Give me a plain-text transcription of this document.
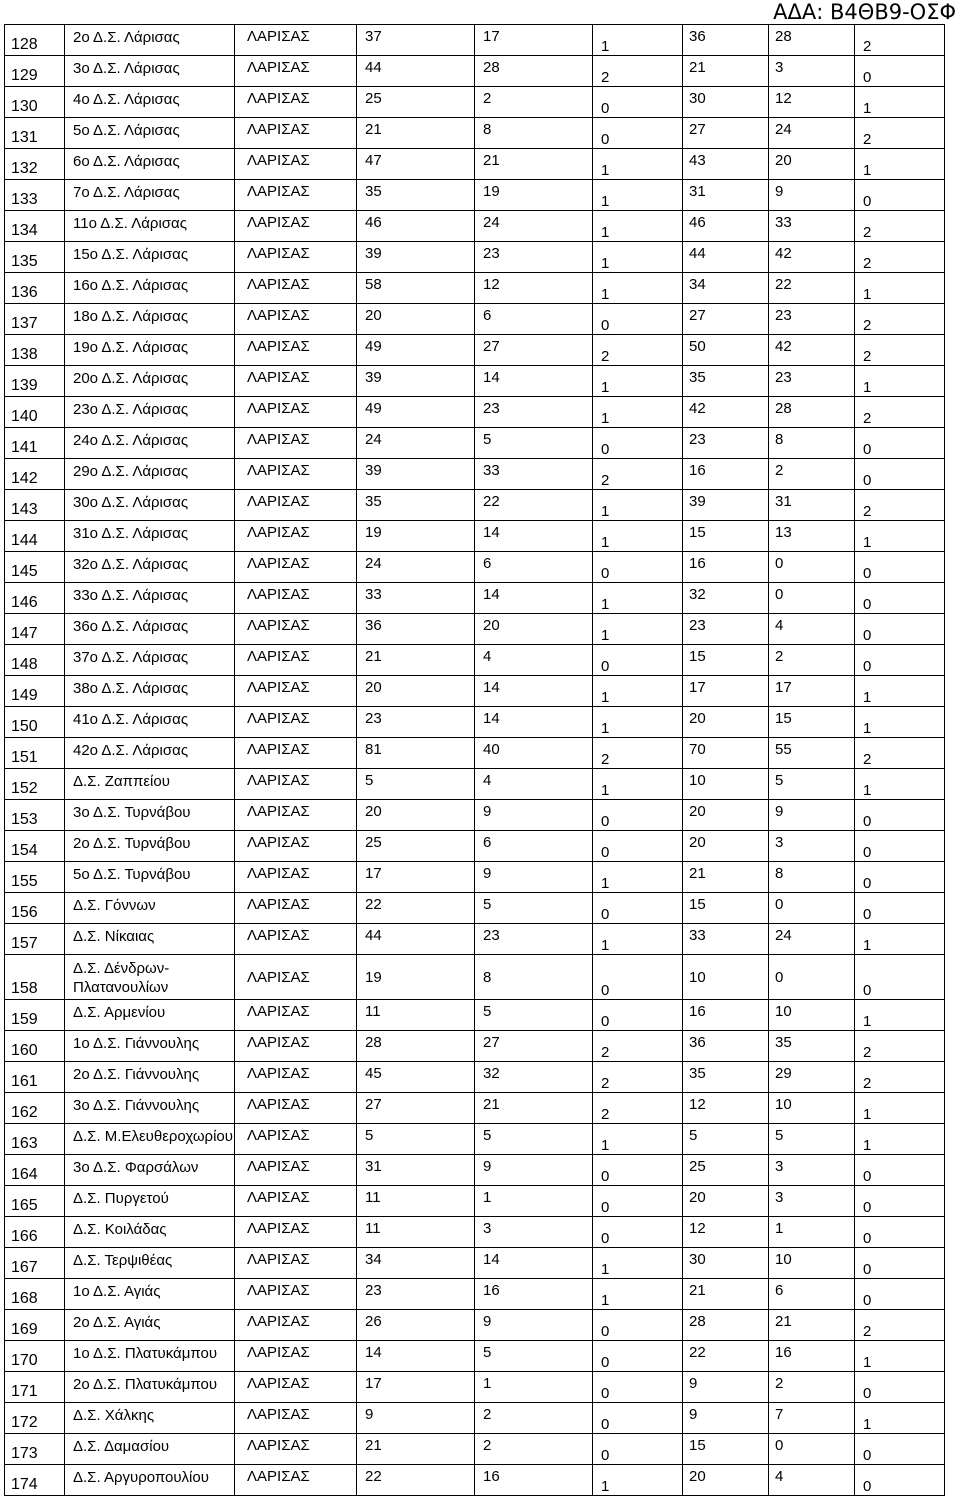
ΑΔΑ: Β4ΘΒ9-ΟΣΦ
128	2ο Δ.Σ. Λάρισας	ΛΑΡΙΣΑΣ	37	17	1	36	28	2
129	3ο Δ.Σ. Λάρισας	ΛΑΡΙΣΑΣ	44	28	2	21	3	0
130	4ο Δ.Σ. Λάρισας	ΛΑΡΙΣΑΣ	25	2	0	30	12	1
131	5ο Δ.Σ. Λάρισας	ΛΑΡΙΣΑΣ	21	8	0	27	24	2
132	6ο Δ.Σ. Λάρισας	ΛΑΡΙΣΑΣ	47	21	1	43	20	1
133	7ο Δ.Σ. Λάρισας	ΛΑΡΙΣΑΣ	35	19	1	31	9	0
134	11ο Δ.Σ. Λάρισας	ΛΑΡΙΣΑΣ	46	24	1	46	33	2
135	15ο Δ.Σ. Λάρισας	ΛΑΡΙΣΑΣ	39	23	1	44	42	2
136	16ο Δ.Σ. Λάρισας	ΛΑΡΙΣΑΣ	58	12	1	34	22	1
137	18ο Δ.Σ. Λάρισας	ΛΑΡΙΣΑΣ	20	6	0	27	23	2
138	19ο Δ.Σ. Λάρισας	ΛΑΡΙΣΑΣ	49	27	2	50	42	2
139	20ο Δ.Σ. Λάρισας	ΛΑΡΙΣΑΣ	39	14	1	35	23	1
140	23ο Δ.Σ. Λάρισας	ΛΑΡΙΣΑΣ	49	23	1	42	28	2
141	24ο Δ.Σ. Λάρισας	ΛΑΡΙΣΑΣ	24	5	0	23	8	0
142	29ο Δ.Σ. Λάρισας	ΛΑΡΙΣΑΣ	39	33	2	16	2	0
143	30ο Δ.Σ. Λάρισας	ΛΑΡΙΣΑΣ	35	22	1	39	31	2
144	31ο Δ.Σ. Λάρισας	ΛΑΡΙΣΑΣ	19	14	1	15	13	1
145	32ο Δ.Σ. Λάρισας	ΛΑΡΙΣΑΣ	24	6	0	16	0	0
146	33ο Δ.Σ. Λάρισας	ΛΑΡΙΣΑΣ	33	14	1	32	0	0
147	36ο Δ.Σ. Λάρισας	ΛΑΡΙΣΑΣ	36	20	1	23	4	0
148	37ο Δ.Σ. Λάρισας	ΛΑΡΙΣΑΣ	21	4	0	15	2	0
149	38ο Δ.Σ. Λάρισας	ΛΑΡΙΣΑΣ	20	14	1	17	17	1
150	41ο Δ.Σ. Λάρισας	ΛΑΡΙΣΑΣ	23	14	1	20	15	1
151	42ο Δ.Σ. Λάρισας	ΛΑΡΙΣΑΣ	81	40	2	70	55	2
152	Δ.Σ. Ζαππείου	ΛΑΡΙΣΑΣ	5	4	1	10	5	1
153	3ο Δ.Σ. Τυρνάβου	ΛΑΡΙΣΑΣ	20	9	0	20	9	0
154	2ο Δ.Σ. Τυρνάβου	ΛΑΡΙΣΑΣ	25	6	0	20	3	0
155	5ο Δ.Σ. Τυρνάβου	ΛΑΡΙΣΑΣ	17	9	1	21	8	0
156	Δ.Σ. Γόννων	ΛΑΡΙΣΑΣ	22	5	0	15	0	0
157	Δ.Σ. Νίκαιας	ΛΑΡΙΣΑΣ	44	23	1	33	24	1
158	Δ.Σ. Δένδρων-Πλατανουλίων	ΛΑΡΙΣΑΣ	19	8	0	10	0	0
159	Δ.Σ. Αρμενίου	ΛΑΡΙΣΑΣ	11	5	0	16	10	1
160	1ο Δ.Σ. Γιάννουλης	ΛΑΡΙΣΑΣ	28	27	2	36	35	2
161	2ο Δ.Σ. Γιάννουλης	ΛΑΡΙΣΑΣ	45	32	2	35	29	2
162	3ο Δ.Σ. Γιάννουλης	ΛΑΡΙΣΑΣ	27	21	2	12	10	1
163	Δ.Σ. Μ.Ελευθεροχωρίου	ΛΑΡΙΣΑΣ	5	5	1	5	5	1
164	3ο Δ.Σ. Φαρσάλων	ΛΑΡΙΣΑΣ	31	9	0	25	3	0
165	Δ.Σ. Πυργετού	ΛΑΡΙΣΑΣ	11	1	0	20	3	0
166	Δ.Σ. Κοιλάδας	ΛΑΡΙΣΑΣ	11	3	0	12	1	0
167	Δ.Σ. Τερψιθέας	ΛΑΡΙΣΑΣ	34	14	1	30	10	0
168	1ο Δ.Σ. Αγιάς	ΛΑΡΙΣΑΣ	23	16	1	21	6	0
169	2ο Δ.Σ. Αγιάς	ΛΑΡΙΣΑΣ	26	9	0	28	21	2
170	1ο Δ.Σ. Πλατυκάμπου	ΛΑΡΙΣΑΣ	14	5	0	22	16	1
171	2ο Δ.Σ. Πλατυκάμπου	ΛΑΡΙΣΑΣ	17	1	0	9	2	0
172	Δ.Σ. Χάλκης	ΛΑΡΙΣΑΣ	9	2	0	9	7	1
173	Δ.Σ. Δαμασίου	ΛΑΡΙΣΑΣ	21	2	0	15	0	0
174	Δ.Σ. Αργυροπουλίου	ΛΑΡΙΣΑΣ	22	16	1	20	4	0
